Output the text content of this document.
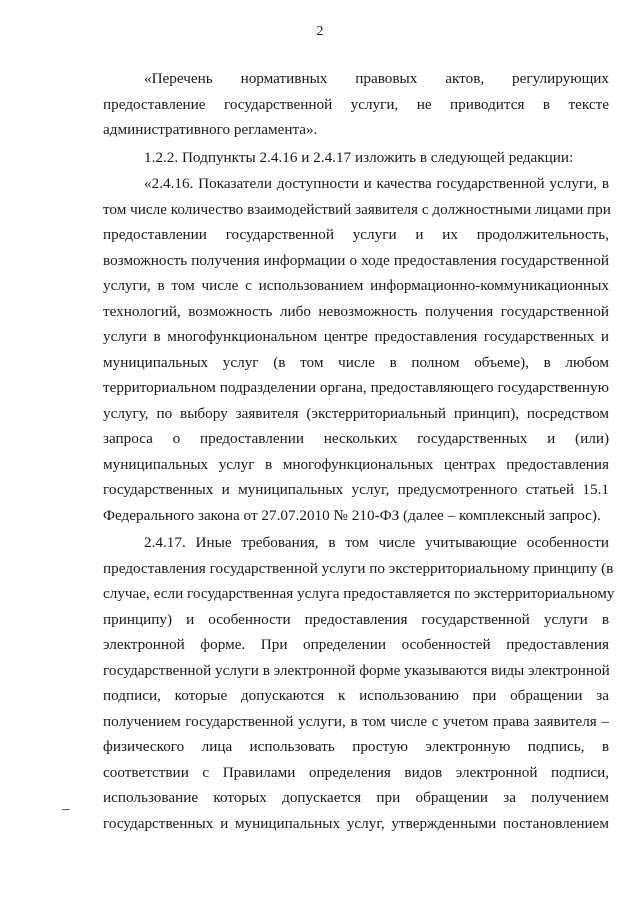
2
«Перечень нормативных правовых актов, регулирующих
предоставление государственной услуги, не приводится в тексте
административного регламента».
1.2.2. Подпункты 2.4.16 и 2.4.17 изложить в следующей редакции:
«2.4.16. Показатели доступности и качества государственной услуги, в
том числе количество взаимодействий заявителя с должностными лицами при
предоставлении государственной услуги и их продолжительность,
возможность получения информации о ходе предоставления государственной
услуги, в том числе с использованием информационно-коммуникационных
технологий, возможность либо невозможность получения государственной
услуги в многофункциональном центре предоставления государственных и
муниципальных услуг (в том числе в полном объеме), в любом
территориальном подразделении органа, предоставляющего государственную
услугу, по выбору заявителя (экстерриториальный принцип), посредством
запроса о предоставлении нескольких государственных и (или)
муниципальных услуг в многофункциональных центрах предоставления
государственных и муниципальных услуг, предусмотренного статьей 15.1
Федерального закона от 27.07.2010 № 210-ФЗ (далее – комплексный запрос).
2.4.17. Иные требования, в том числе учитывающие особенности
предоставления государственной услуги по экстерриториальному принципу (в
случае, если государственная услуга предоставляется по экстерриториальному
принципу) и особенности предоставления государственной услуги в
электронной форме. При определении особенностей предоставления
государственной услуги в электронной форме указываются виды электронной
подписи, которые допускаются к использованию при обращении за
получением государственной услуги, в том числе с учетом права заявителя –
физического лица использовать простую электронную подпись, в
соответствии с Правилами определения видов электронной подписи,
использование которых допускается при обращении за получением
государственных и муниципальных услуг, утвержденными постановлением
